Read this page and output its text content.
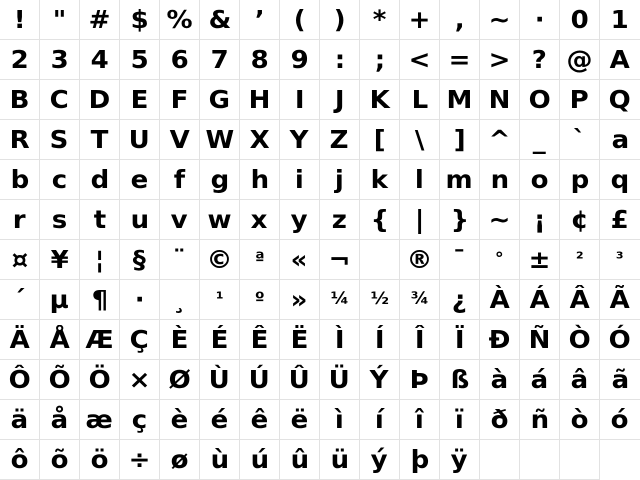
! " # $ % & ’ ( ) * + , ~ · 0 1
2 3 4 5 6 7 8 9 : ; < = > ? @ A
B C D E F G H I J K L M N O P Q
R S T U V W X Y Z [ \ ] ^ _ ` a
b c d e f g h i j k l m n o p q
r s t u v w x y z { | } ~ ¡ ¢ £
¤ ¥ ¦ § ¨ © ª « ¬ ® ¯ ° ± ² ³
´ µ ¶ · ¸ ¹ º » ¼ ½ ¾ ¿ À Á Â Ã
Ä Å Æ Ç È É Ê Ë Ì Í Î Ï Ð Ñ Ò Ó
Ô Õ Ö × Ø Ù Ú Û Ü Ý Þ ß à á â ã
ä å æ ç è é ê ë ì í î ï ð ñ ò ó
ô õ ö ÷ ø ù ú û ü ý þ ÿ
